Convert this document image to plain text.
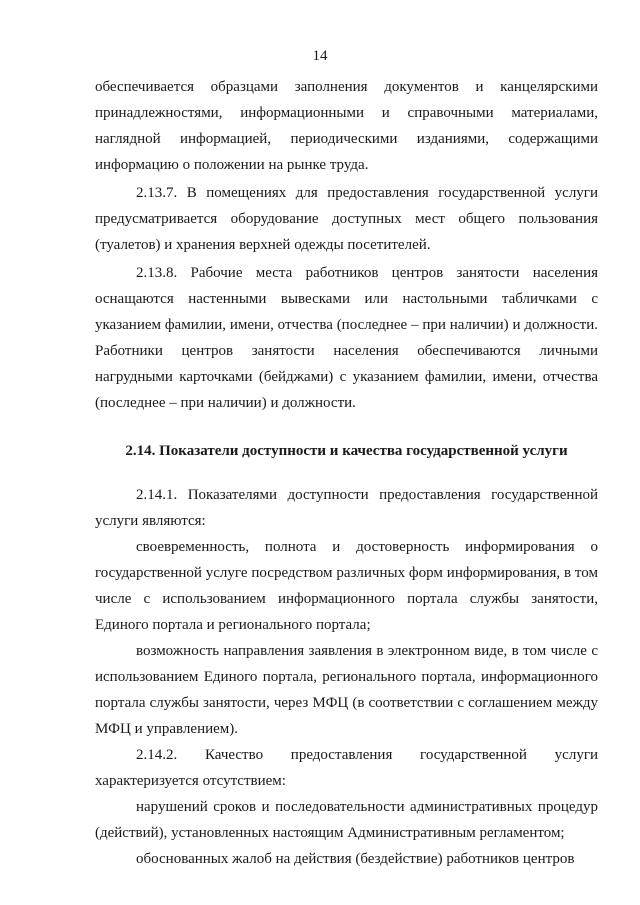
14

обеспечивается образцами заполнения документов и канцелярскими принадлежностями, информационными и справочными материалами, наглядной информацией, периодическими изданиями, содержащими информацию о положении на рынке труда.

2.13.7. В помещениях для предоставления государственной услуги предусматривается оборудование доступных мест общего пользования (туалетов) и хранения верхней одежды посетителей.

2.13.8. Рабочие места работников центров занятости населения оснащаются настенными вывесками или настольными табличками с указанием фамилии, имени, отчества (последнее – при наличии) и должности. Работники центров занятости населения обеспечиваются личными нагрудными карточками (бейджами) с указанием фамилии, имени, отчества (последнее – при наличии) и должности.

2.14. Показатели доступности и качества государственной услуги

2.14.1. Показателями доступности предоставления государственной услуги являются:

своевременность, полнота и достоверность информирования о государственной услуге посредством различных форм информирования, в том числе с использованием информационного портала службы занятости, Единого портала и регионального портала;

возможность направления заявления в электронном виде, в том числе с использованием Единого портала, регионального портала, информационного портала службы занятости, через МФЦ (в соответствии с соглашением между МФЦ и управлением).

2.14.2. Качество предоставления государственной услуги характеризуется отсутствием:

нарушений сроков и последовательности административных процедур (действий), установленных настоящим Административным регламентом;

обоснованных жалоб на действия (бездействие) работников центров
